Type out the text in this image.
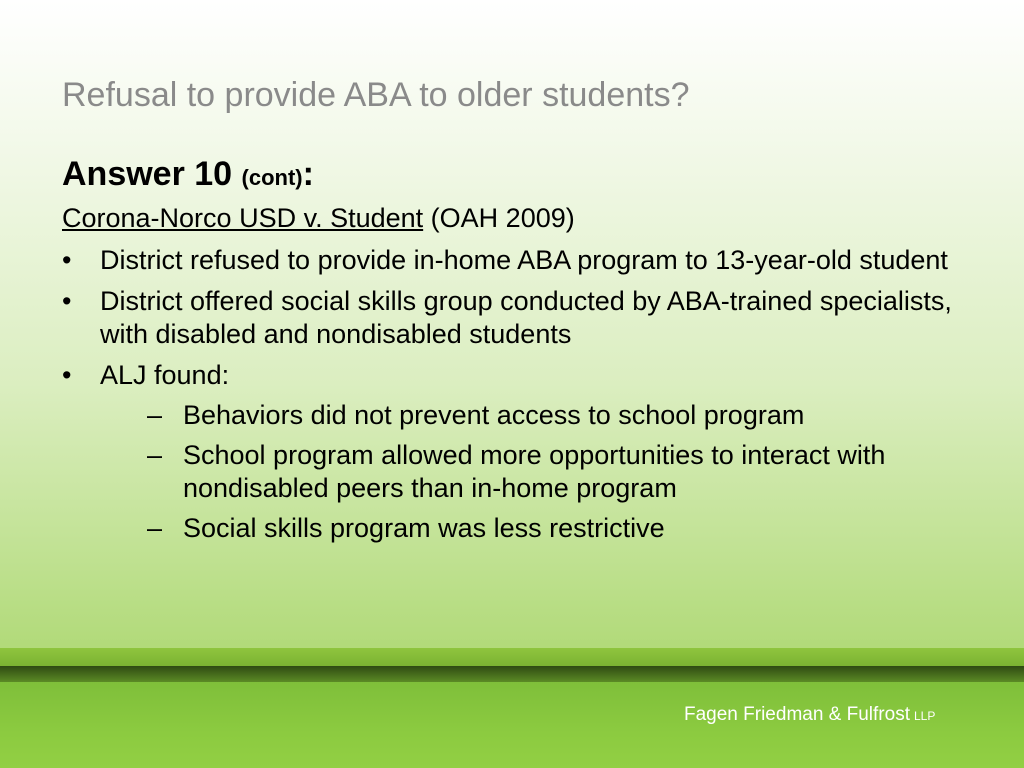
Refusal to provide ABA to older students?
Answer 10 (cont):
Corona-Norco USD v. Student (OAH 2009)
• District refused to provide in-home ABA program to 13-year-old student
• District offered social skills group conducted by ABA-trained specialists, with disabled and nondisabled students
• ALJ found:
– Behaviors did not prevent access to school program
– School program allowed more opportunities to interact with nondisabled peers than in-home program
– Social skills program was less restrictive
Fagen Friedman & Fulfrost LLP
